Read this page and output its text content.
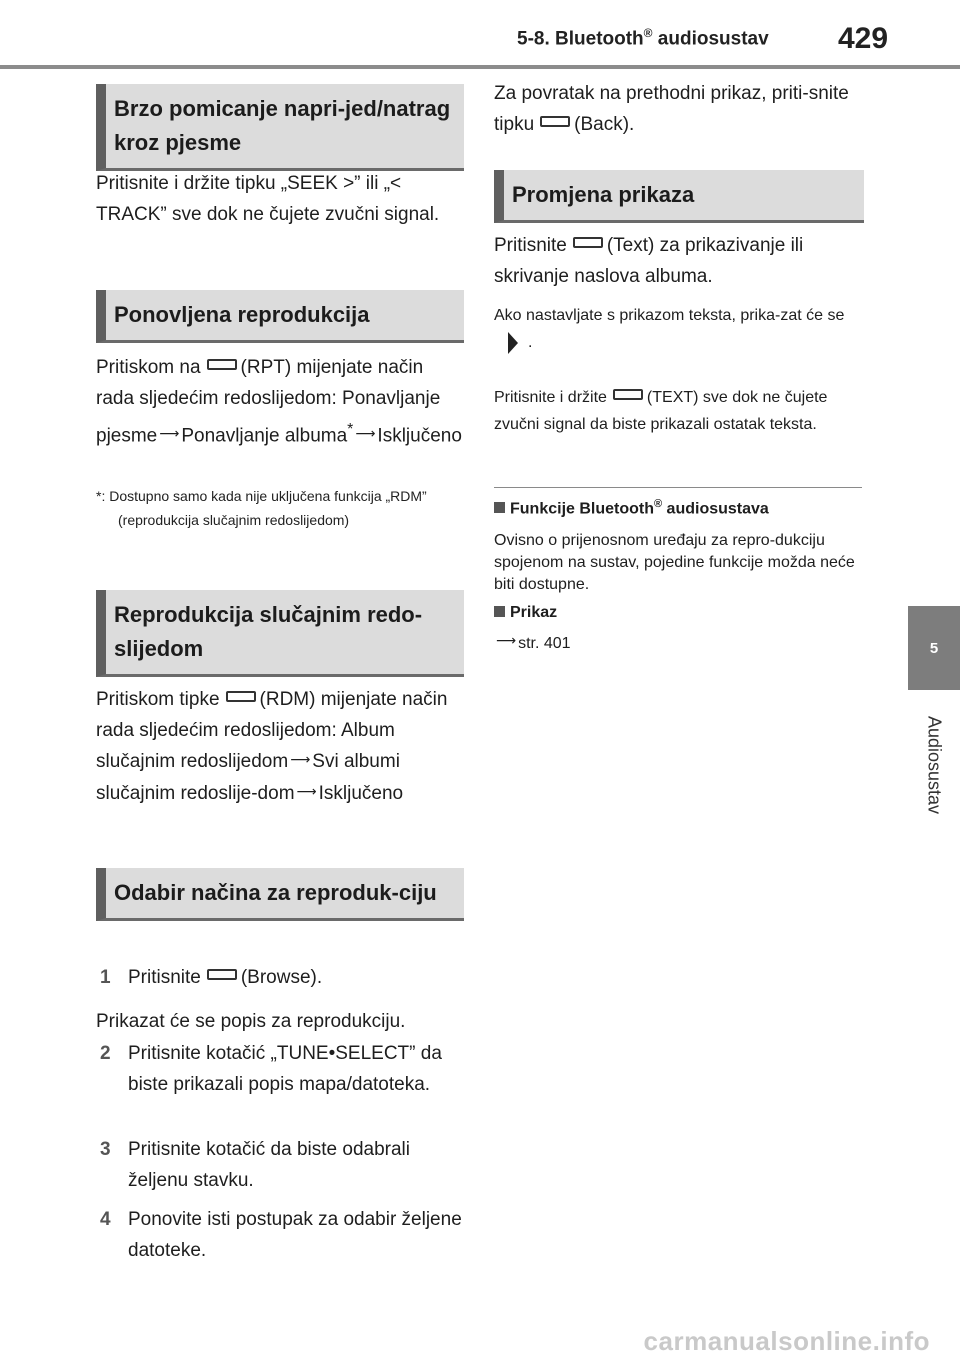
5-8. Bluetooth® audiosustav 429
5
Audiosustav
Brzo pomicanje napri-jed/natrag kroz pjesme
Pritisnite i držite tipku „SEEK >” ili „< TRACK” sve dok ne čujete zvučni signal.
Ponovljena reprodukcija
Pritiskom na (RPT) mijenjate način rada sljedećim redoslijedom: Ponavljanje pjesme ⟶ Ponavljanje albuma* ⟶ Isključeno
*: Dostupno samo kada nije uključena funkcija „RDM” (reprodukcija slučajnim redoslijedom)
Reprodukcija slučajnim redo-slijedom
Pritiskom tipke (RDM) mijenjate način rada sljedećim redoslijedom: Album slučajnim redoslijedom ⟶ Svi albumi slučajnim redoslije-dom ⟶ Isključeno
Odabir načina za reproduk-ciju
1 Pritisnite (Browse).
Prikazat će se popis za reprodukciju.
2 Pritisnite kotačić „TUNE•SELECT” da biste prikazali popis mapa/datoteka.
3 Pritisnite kotačić da biste odabrali željenu stavku.
4 Ponovite isti postupak za odabir željene datoteke.
Za povratak na prethodni prikaz, priti-snite tipku (Back).
Promjena prikaza
Pritisnite (Text) za prikazivanje ili skrivanje naslova albuma.
Ako nastavljate s prikazom teksta, prika-zat će se.
Pritisnite i držite	(TEXT) sve dok ne čujete zvučni signal da biste prikazali ostatak teksta.
Funkcije Bluetooth® audiosustava
Ovisno o prijenosnom uređaju za repro-dukciju spojenom na sustav, pojedine funkcije možda neće biti dostupne.
Prikaz
⟶ str. 401
carmanualsonline.info
